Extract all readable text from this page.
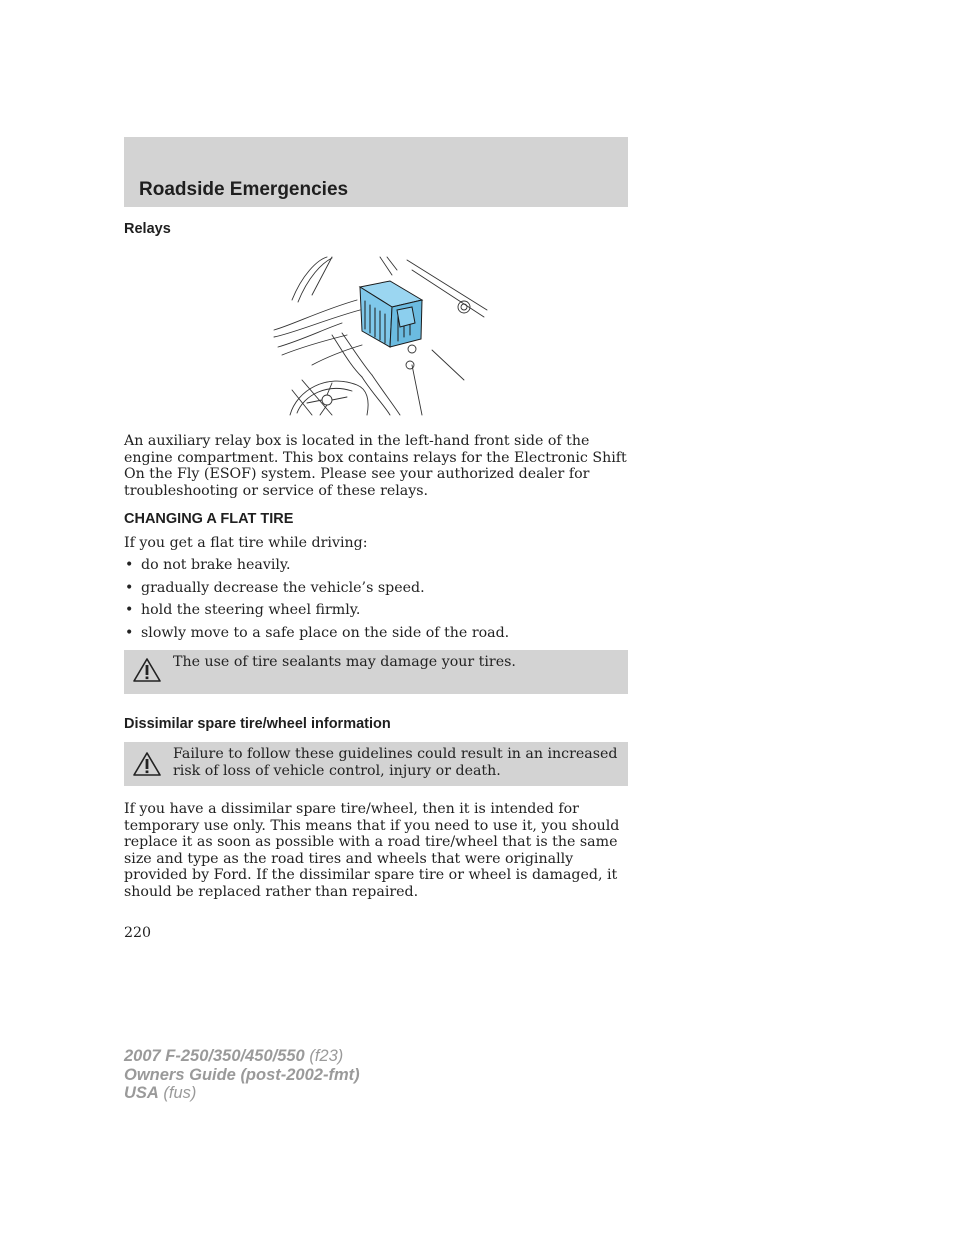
Roadside Emergencies
Relays
An auxiliary relay box is located in the left-hand front side of the engine compartment. This box contains relays for the Electronic Shift On the Fly (ESOF) system. Please see your authorized dealer for troubleshooting or service of these relays.
CHANGING A FLAT TIRE
If you get a flat tire while driving:
• do not brake heavily.
• gradually decrease the vehicle’s speed.
• hold the steering wheel firmly.
• slowly move to a safe place on the side of the road.
The use of tire sealants may damage your tires.
Dissimilar spare tire/wheel information
Failure to follow these guidelines could result in an increased risk of loss of vehicle control, injury or death.
If you have a dissimilar spare tire/wheel, then it is intended for temporary use only. This means that if you need to use it, you should replace it as soon as possible with a road tire/wheel that is the same size and type as the road tires and wheels that were originally provided by Ford. If the dissimilar spare tire or wheel is damaged, it should be replaced rather than repaired.
220
2007 F-250/350/450/550 (f23)
Owners Guide (post-2002-fmt)
USA (fus)
